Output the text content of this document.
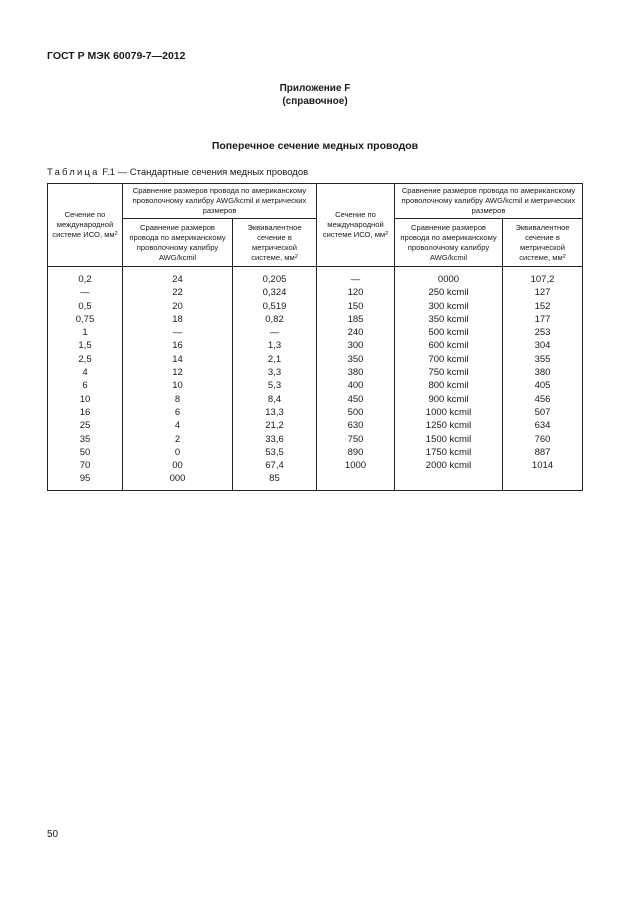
ГОСТ Р МЭК 60079-7—2012
Приложение F
(справочное)
Поперечное сечение медных проводов
Таблица F.1 — Стандартные сечения медных проводов
Сечение по международной системе ИСО, $мм^2$	Сравнение размеров провода по американскому проволочному калибру AWG/kcmil и метрических размеров		Сечение по международной системе ИСО, $мм^2$	Сравнение размеров провода по американскому проволочному калибру AWG/kcmil и метрических размеров	
	Сравнение размеров провода по американскому проволочному калибру AWG/kcmil	Эквивалентное сечение в метрической системе, $мм^2$		Сравнение размеров провода по американскому проволочному калибру AWG/kcmil	Эквивалентное сечение в метрической системе, $мм^2$
0,2	24	0,205	—	0000	107,2
—	22	0,324	120	250 kcmil	127
0,5	20	0,519	150	300 kcmil	152
0,75	18	0,82	185	350 kcmil	177
1	—	—	240	500 kcmil	253
1,5	16	1,3	300	600 kcmil	304
2,5	14	2,1	350	700 kcmil	355
4	12	3,3	380	750 kcmil	380
6	10	5,3	400	800 kcmil	405
10	8	8,4	450	900 kcmil	456
16	6	13,3	500	1000 kcmil	507
25	4	21,2	630	1250 kcmil	634
35	2	33,6	750	1500 kcmil	760
50	0	53,5	890	1750 kcmil	887
70	00	67,4	1000	2000 kcmil	1014
95	000	85			
50
